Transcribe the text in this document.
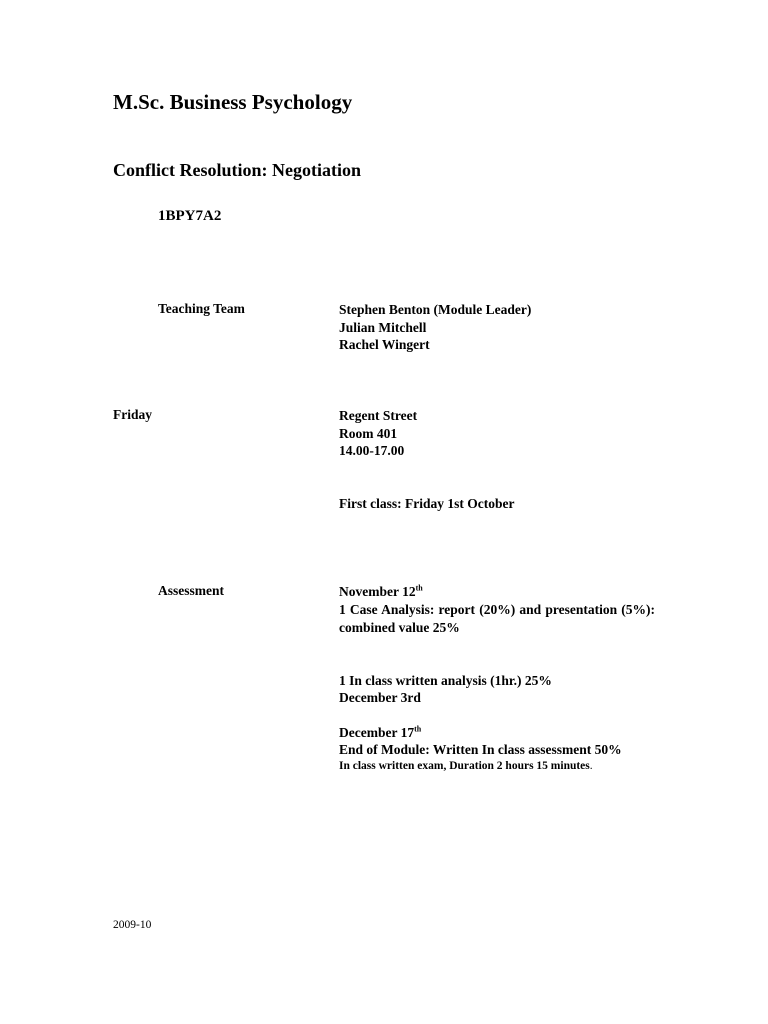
M.Sc. Business Psychology
Conflict Resolution: Negotiation
1BPY7A2
Teaching Team	Stephen Benton (Module Leader)
Julian Mitchell
Rachel Wingert
Friday	Regent Street
Room 401
14.00-17.00
First class: Friday 1st October
Assessment	November 12th
1 Case Analysis: report (20%) and presentation (5%): combined value 25%
1 In class written analysis (1hr.) 25%
December 3rd
December 17th
End of Module: Written In class assessment 50%
In class written exam, Duration 2 hours 15 minutes.
2009-10
